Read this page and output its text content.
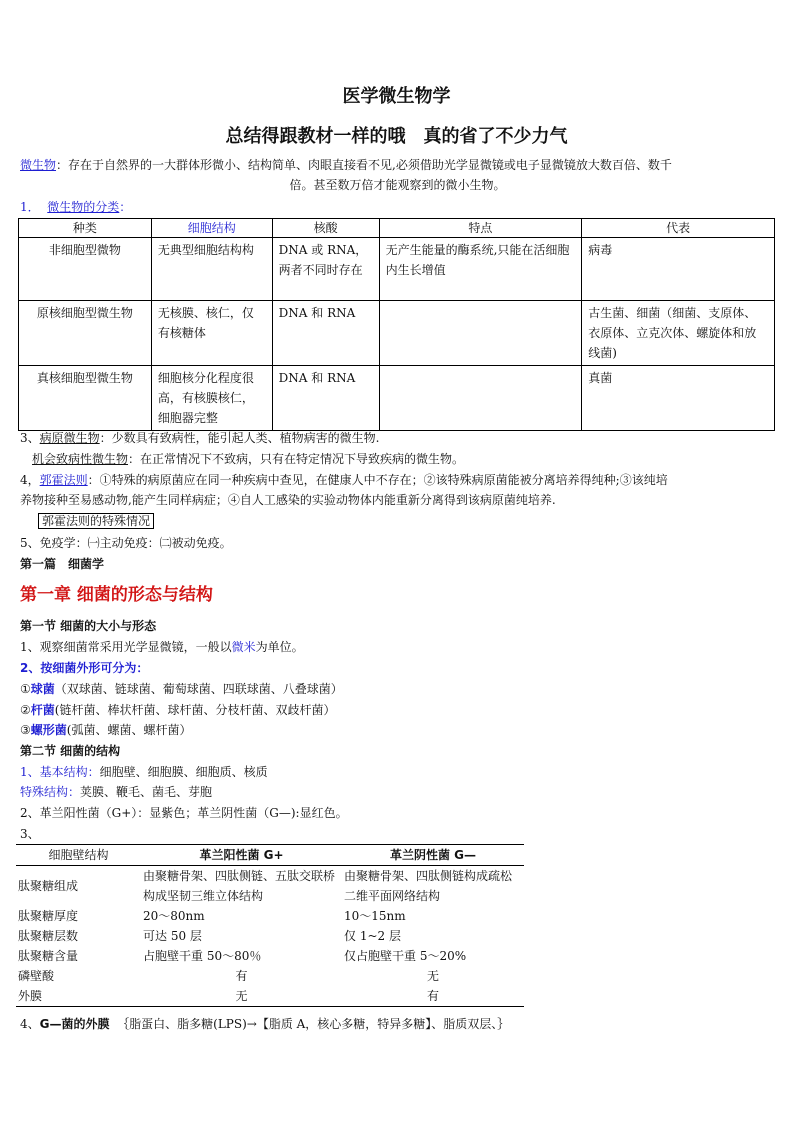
医学微生物学
总结得跟教材一样的哦　真的省了不少力气
微生物：存在于自然界的一大群体形微小、结构简单、肉眼直接看不见,必须借助光学显微镜或电子显微镜放大数百倍、数千
倍。甚至数万倍才能观察到的微小生物。
1． 微生物的分类：
种类	细胞结构	核酸	特点	代表
非细胞型微物	无典型细胞结构构	DNA 或 RNA，两者不同时存在	无产生能量的酶系统,只能在活细胞内生长增值	病毒
原核细胞型微生物	无核膜、核仁，仅有核糖体	DNA 和 RNA		古生菌、细菌（细菌、支原体、衣原体、立克次体、螺旋体和放线菌)
真核细胞型微生物	细胞核分化程度很高，有核膜核仁，细胞器完整	DNA 和 RNA		真菌
3、病原微生物：少数具有致病性，能引起人类、植物病害的微生物.
机会致病性微生物：在正常情况下不致病，只有在特定情况下导致疾病的微生物。
4，郭霍法则：①特殊的病原菌应在同一种疾病中查见，在健康人中不存在；②该特殊病原菌能被分离培养得纯种;③该纯培
养物接种至易感动物,能产生同样病症；④自人工感染的实验动物体内能重新分离得到该病原菌纯培养.
郭霍法则的特殊情况
5、免疫学：㈠主动免疫：㈡被动免疫。
第一篇　细菌学
第一章 细菌的形态与结构
第一节 细菌的大小与形态
1、观察细菌常采用光学显微镜，一般以微米为单位。
2、按细菌外形可分为：
①球菌（双球菌、链球菌、葡萄球菌、四联球菌、八叠球菌）
②杆菌(链杆菌、棒状杆菌、球杆菌、分枝杆菌、双歧杆菌）
③螺形菌(弧菌、螺菌、螺杆菌）
第二节 细菌的结构
1、基本结构：细胞壁、细胞膜、细胞质、核质
特殊结构：荚膜、鞭毛、菌毛、芽胞
2、革兰阳性菌（G+）：显紫色；革兰阴性菌（G—):显红色。
3、
细胞壁结构	革兰阳性菌 G+	革兰阴性菌 G—
肽聚糖组成	由聚糖骨架、四肽侧链、五肽交联桥构成坚韧三维立体结构	由聚糖骨架、四肽侧链构成疏松二维平面网络结构
肽聚糖厚度	20～80nm	10～15nm
肽聚糖层数	可达 50 层	仅 1~2 层
肽聚糖含量	占胞壁干重 50～80％	仅占胞壁干重 5～20%
磷壁酸	有	无
外膜	无	有
4、G—菌的外膜 ｛脂蛋白、脂多糖(LPS)→【脂质 A，核心多糖，特异多糖】、脂质双层、｝
